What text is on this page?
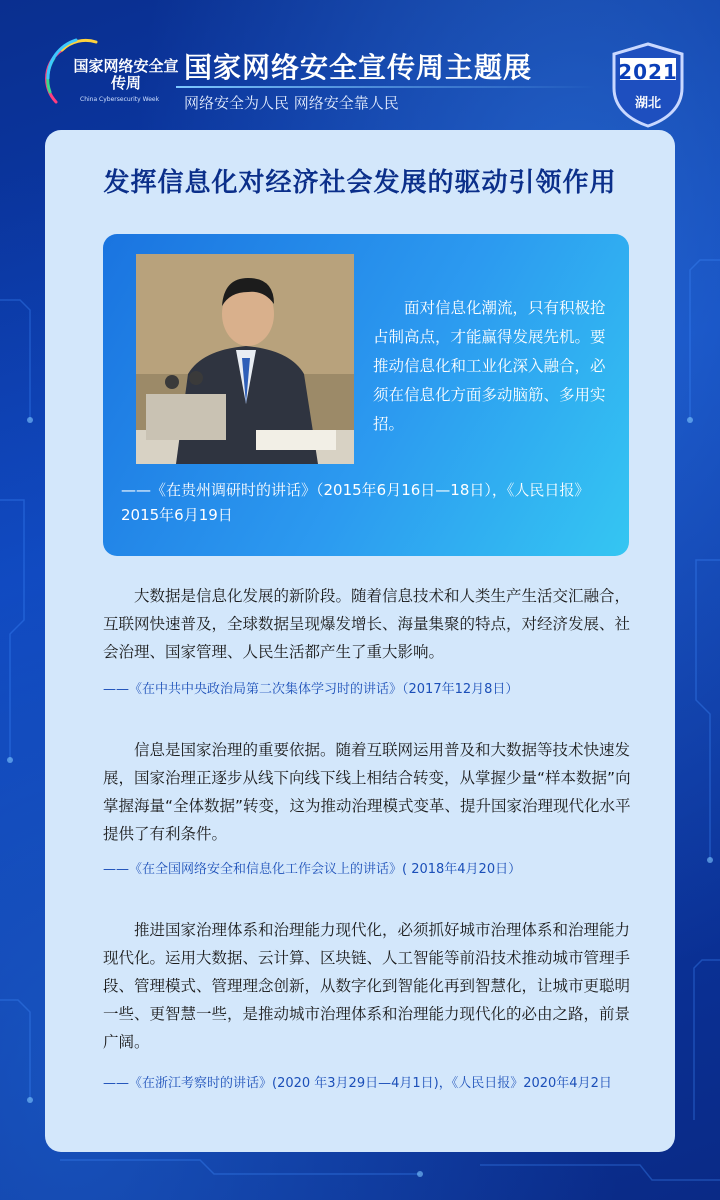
国家网络安全宣传周
China Cybersecurity Week
国家网络安全宣传周主题展
网络安全为人民 网络安全靠人民
2021
湖北
发挥信息化对经济社会发展的驱动引领作用
面对信息化潮流，只有积极抢占制高点，才能赢得发展先机。要推动信息化和工业化深入融合，必须在信息化方面多动脑筋、多用实招。
——《在贵州调研时的讲话》（2015年6月16日—18日），《人民日报》2015年6月19日
大数据是信息化发展的新阶段。随着信息技术和人类生产生活交汇融合，互联网快速普及，全球数据呈现爆发增长、海量集聚的特点，对经济发展、社会治理、国家管理、人民生活都产生了重大影响。
——《在中共中央政治局第二次集体学习时的讲话》（2017年12月8日）
信息是国家治理的重要依据。随着互联网运用普及和大数据等技术快速发展，国家治理正逐步从线下向线下线上相结合转变，从掌握少量“样本数据”向掌握海量“全体数据”转变，这为推动治理模式变革、提升国家治理现代化水平提供了有利条件。
——《在全国网络安全和信息化工作会议上的讲话》( 2018年4月20日）
推进国家治理体系和治理能力现代化，必须抓好城市治理体系和治理能力现代化。运用大数据、云计算、区块链、人工智能等前沿技术推动城市管理手段、管理模式、管理理念创新，从数字化到智能化再到智慧化，让城市更聪明一些、更智慧一些，是推动城市治理体系和治理能力现代化的必由之路，前景广阔。
——《在浙江考察时的讲话》(2020 年3月29日—4月1日)，《人民日报》2020年4月2日
